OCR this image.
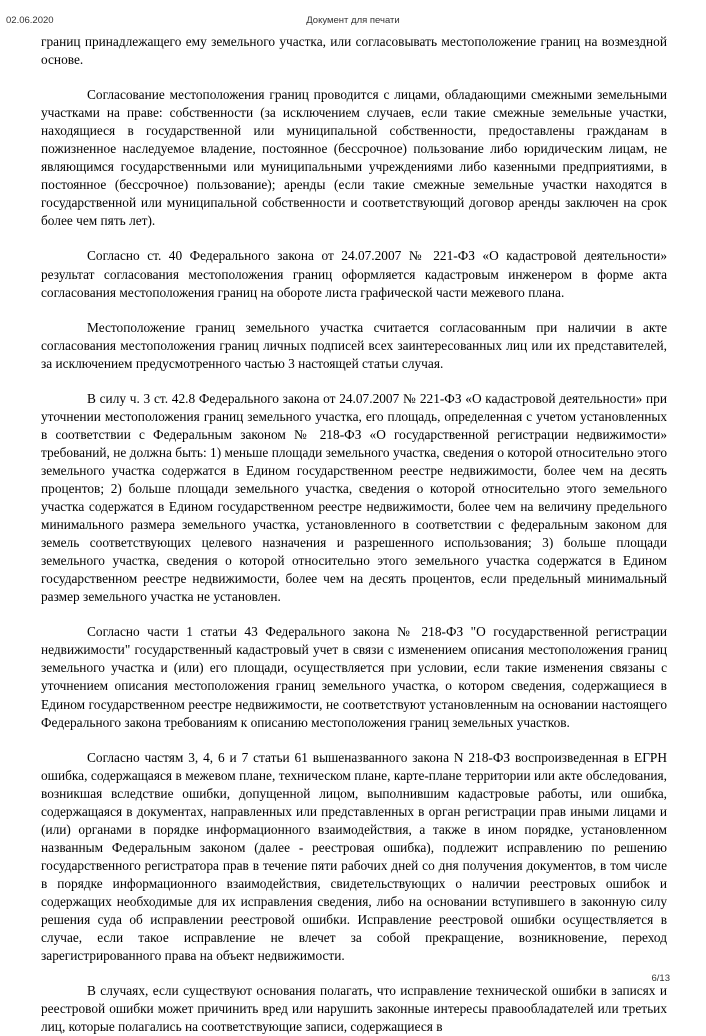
02.06.2020	Документ для печати

границ принадлежащего ему земельного участка, или согласовывать местоположение границ на возмездной основе.

Согласование местоположения границ проводится с лицами, обладающими смежными земельными участками на праве: собственности (за исключением случаев, если такие смежные земельные участки, находящиеся в государственной или муниципальной собственности, предоставлены гражданам в пожизненное наследуемое владение, постоянное (бессрочное) пользование либо юридическим лицам, не являющимся государственными или муниципальными учреждениями либо казенными предприятиями, в постоянное (бессрочное) пользование); аренды (если такие смежные земельные участки находятся в государственной или муниципальной собственности и соответствующий договор аренды заключен на срок более чем пять лет).

Согласно ст. 40 Федерального закона от 24.07.2007 № 221-ФЗ «О кадастровой деятельности» результат согласования местоположения границ оформляется кадастровым инженером в форме акта согласования местоположения границ на обороте листа графической части межевого плана.

Местоположение границ земельного участка считается согласованным при наличии в акте согласования местоположения границ личных подписей всех заинтересованных лиц или их представителей, за исключением предусмотренного частью 3 настоящей статьи случая.

В силу ч. 3 ст. 42.8 Федерального закона от 24.07.2007 № 221-ФЗ «О кадастровой деятельности» при уточнении местоположения границ земельного участка, его площадь, определенная с учетом установленных в соответствии с Федеральным законом № 218-ФЗ «О государственной регистрации недвижимости» требований, не должна быть: 1) меньше площади земельного участка, сведения о которой относительно этого земельного участка содержатся в Едином государственном реестре недвижимости, более чем на десять процентов; 2) больше площади земельного участка, сведения о которой относительно этого земельного участка содержатся в Едином государственном реестре недвижимости, более чем на величину предельного минимального размера земельного участка, установленного в соответствии с федеральным законом для земель соответствующих целевого назначения и разрешенного использования; 3) больше площади земельного участка, сведения о которой относительно этого земельного участка содержатся в Едином государственном реестре недвижимости, более чем на десять процентов, если предельный минимальный размер земельного участка не установлен.

Согласно части 1 статьи 43 Федерального закона № 218-ФЗ "О государственной регистрации недвижимости" государственный кадастровый учет в связи с изменением описания местоположения границ земельного участка и (или) его площади, осуществляется при условии, если такие изменения связаны с уточнением описания местоположения границ земельного участка, о котором сведения, содержащиеся в Едином государственном реестре недвижимости, не соответствуют установленным на основании настоящего Федерального закона требованиям к описанию местоположения границ земельных участков.

Согласно частям 3, 4, 6 и 7 статьи 61 вышеназванного закона N 218-ФЗ воспроизведенная в ЕГРН ошибка, содержащаяся в межевом плане, техническом плане, карте-плане территории или акте обследования, возникшая вследствие ошибки, допущенной лицом, выполнившим кадастровые работы, или ошибка, содержащаяся в документах, направленных или представленных в орган регистрации прав иными лицами и (или) органами в порядке информационного взаимодействия, а также в ином порядке, установленном названным Федеральным законом (далее - реестровая ошибка), подлежит исправлению по решению государственного регистратора прав в течение пяти рабочих дней со дня получения документов, в том числе в порядке информационного взаимодействия, свидетельствующих о наличии реестровых ошибок и содержащих необходимые для их исправления сведения, либо на основании вступившего в законную силу решения суда об исправлении реестровой ошибки. Исправление реестровой ошибки осуществляется в случае, если такое исправление не влечет за собой прекращение, возникновение, переход зарегистрированного права на объект недвижимости.

В случаях, если существуют основания полагать, что исправление технической ошибки в записях и реестровой ошибки может причинить вред или нарушить законные интересы правообладателей или третьих лиц, которые полагались на соответствующие записи, содержащиеся в

6/13
